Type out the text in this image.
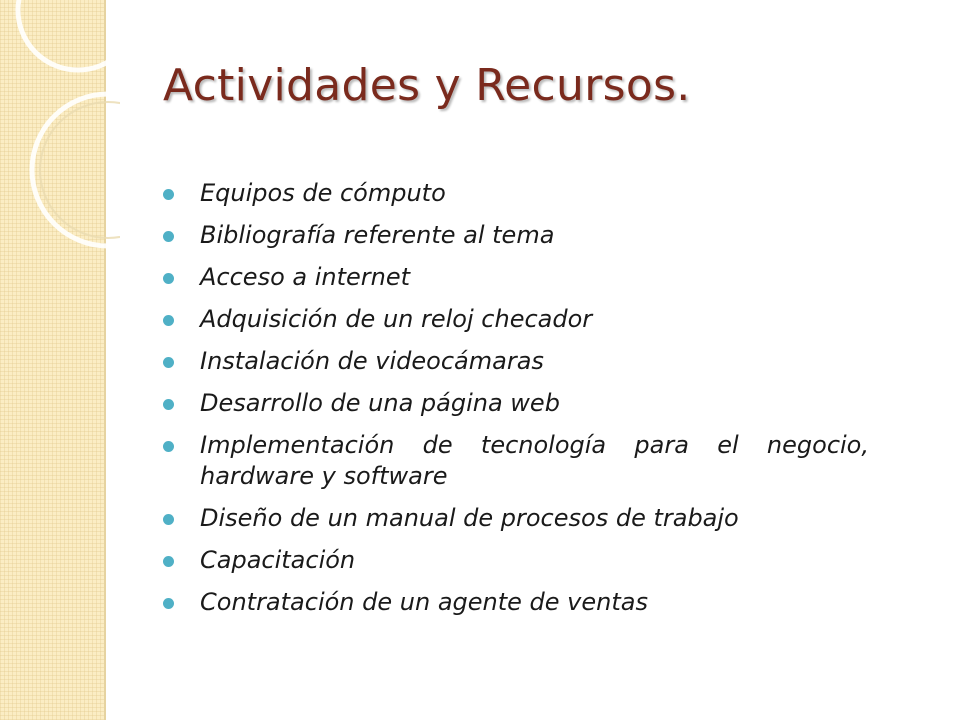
Actividades y Recursos.
Equipos de cómputo
Bibliografía referente al tema
Acceso a internet
Adquisición de un reloj checador
Instalación de videocámaras
Desarrollo de una página web
Implementación de tecnología para el negocio, hardware y software
Diseño de un manual de procesos de trabajo
Capacitación
Contratación de un agente de ventas
